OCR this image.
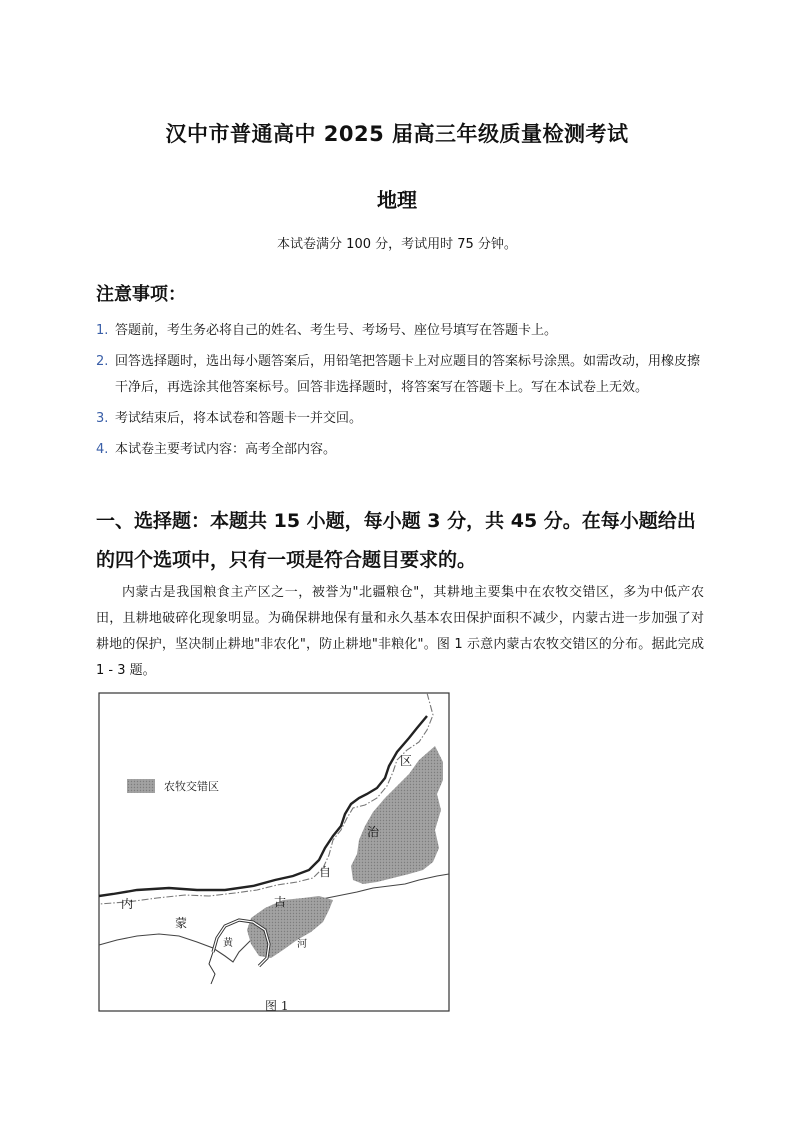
汉中市普通高中 2025 届高三年级质量检测考试
地理
本试卷满分 100 分，考试用时 75 分钟。
注意事项：
1. 答题前，考生务必将自己的姓名、考生号、考场号、座位号填写在答题卡上。
2. 回答选择题时，选出每小题答案后，用铅笔把答题卡上对应题目的答案标号涂黑。如需改动，用橡皮擦干净后，再选涂其他答案标号。回答非选择题时，将答案写在答题卡上。写在本试卷上无效。
3. 考试结束后，将本试卷和答题卡一并交回。
4. 本试卷主要考试内容：高考全部内容。
一、选择题：本题共 15 小题，每小题 3 分，共 45 分。在每小题给出的四个选项中，只有一项是符合题目要求的。
内蒙古是我国粮食主产区之一，被誉为"北疆粮仓"，其耕地主要集中在农牧交错区，多为中低产农田，且耕地破碎化现象明显。为确保耕地保有量和永久基本农田保护面积不减少，内蒙古进一步加强了对耕地的保护，坚决制止耕地"非农化"，防止耕地"非粮化"。图 1 示意内蒙古农牧交错区的分布。据此完成 1 - 3 题。
农牧交错区
区
治
自
古
蒙
内
黄	河
图 1
